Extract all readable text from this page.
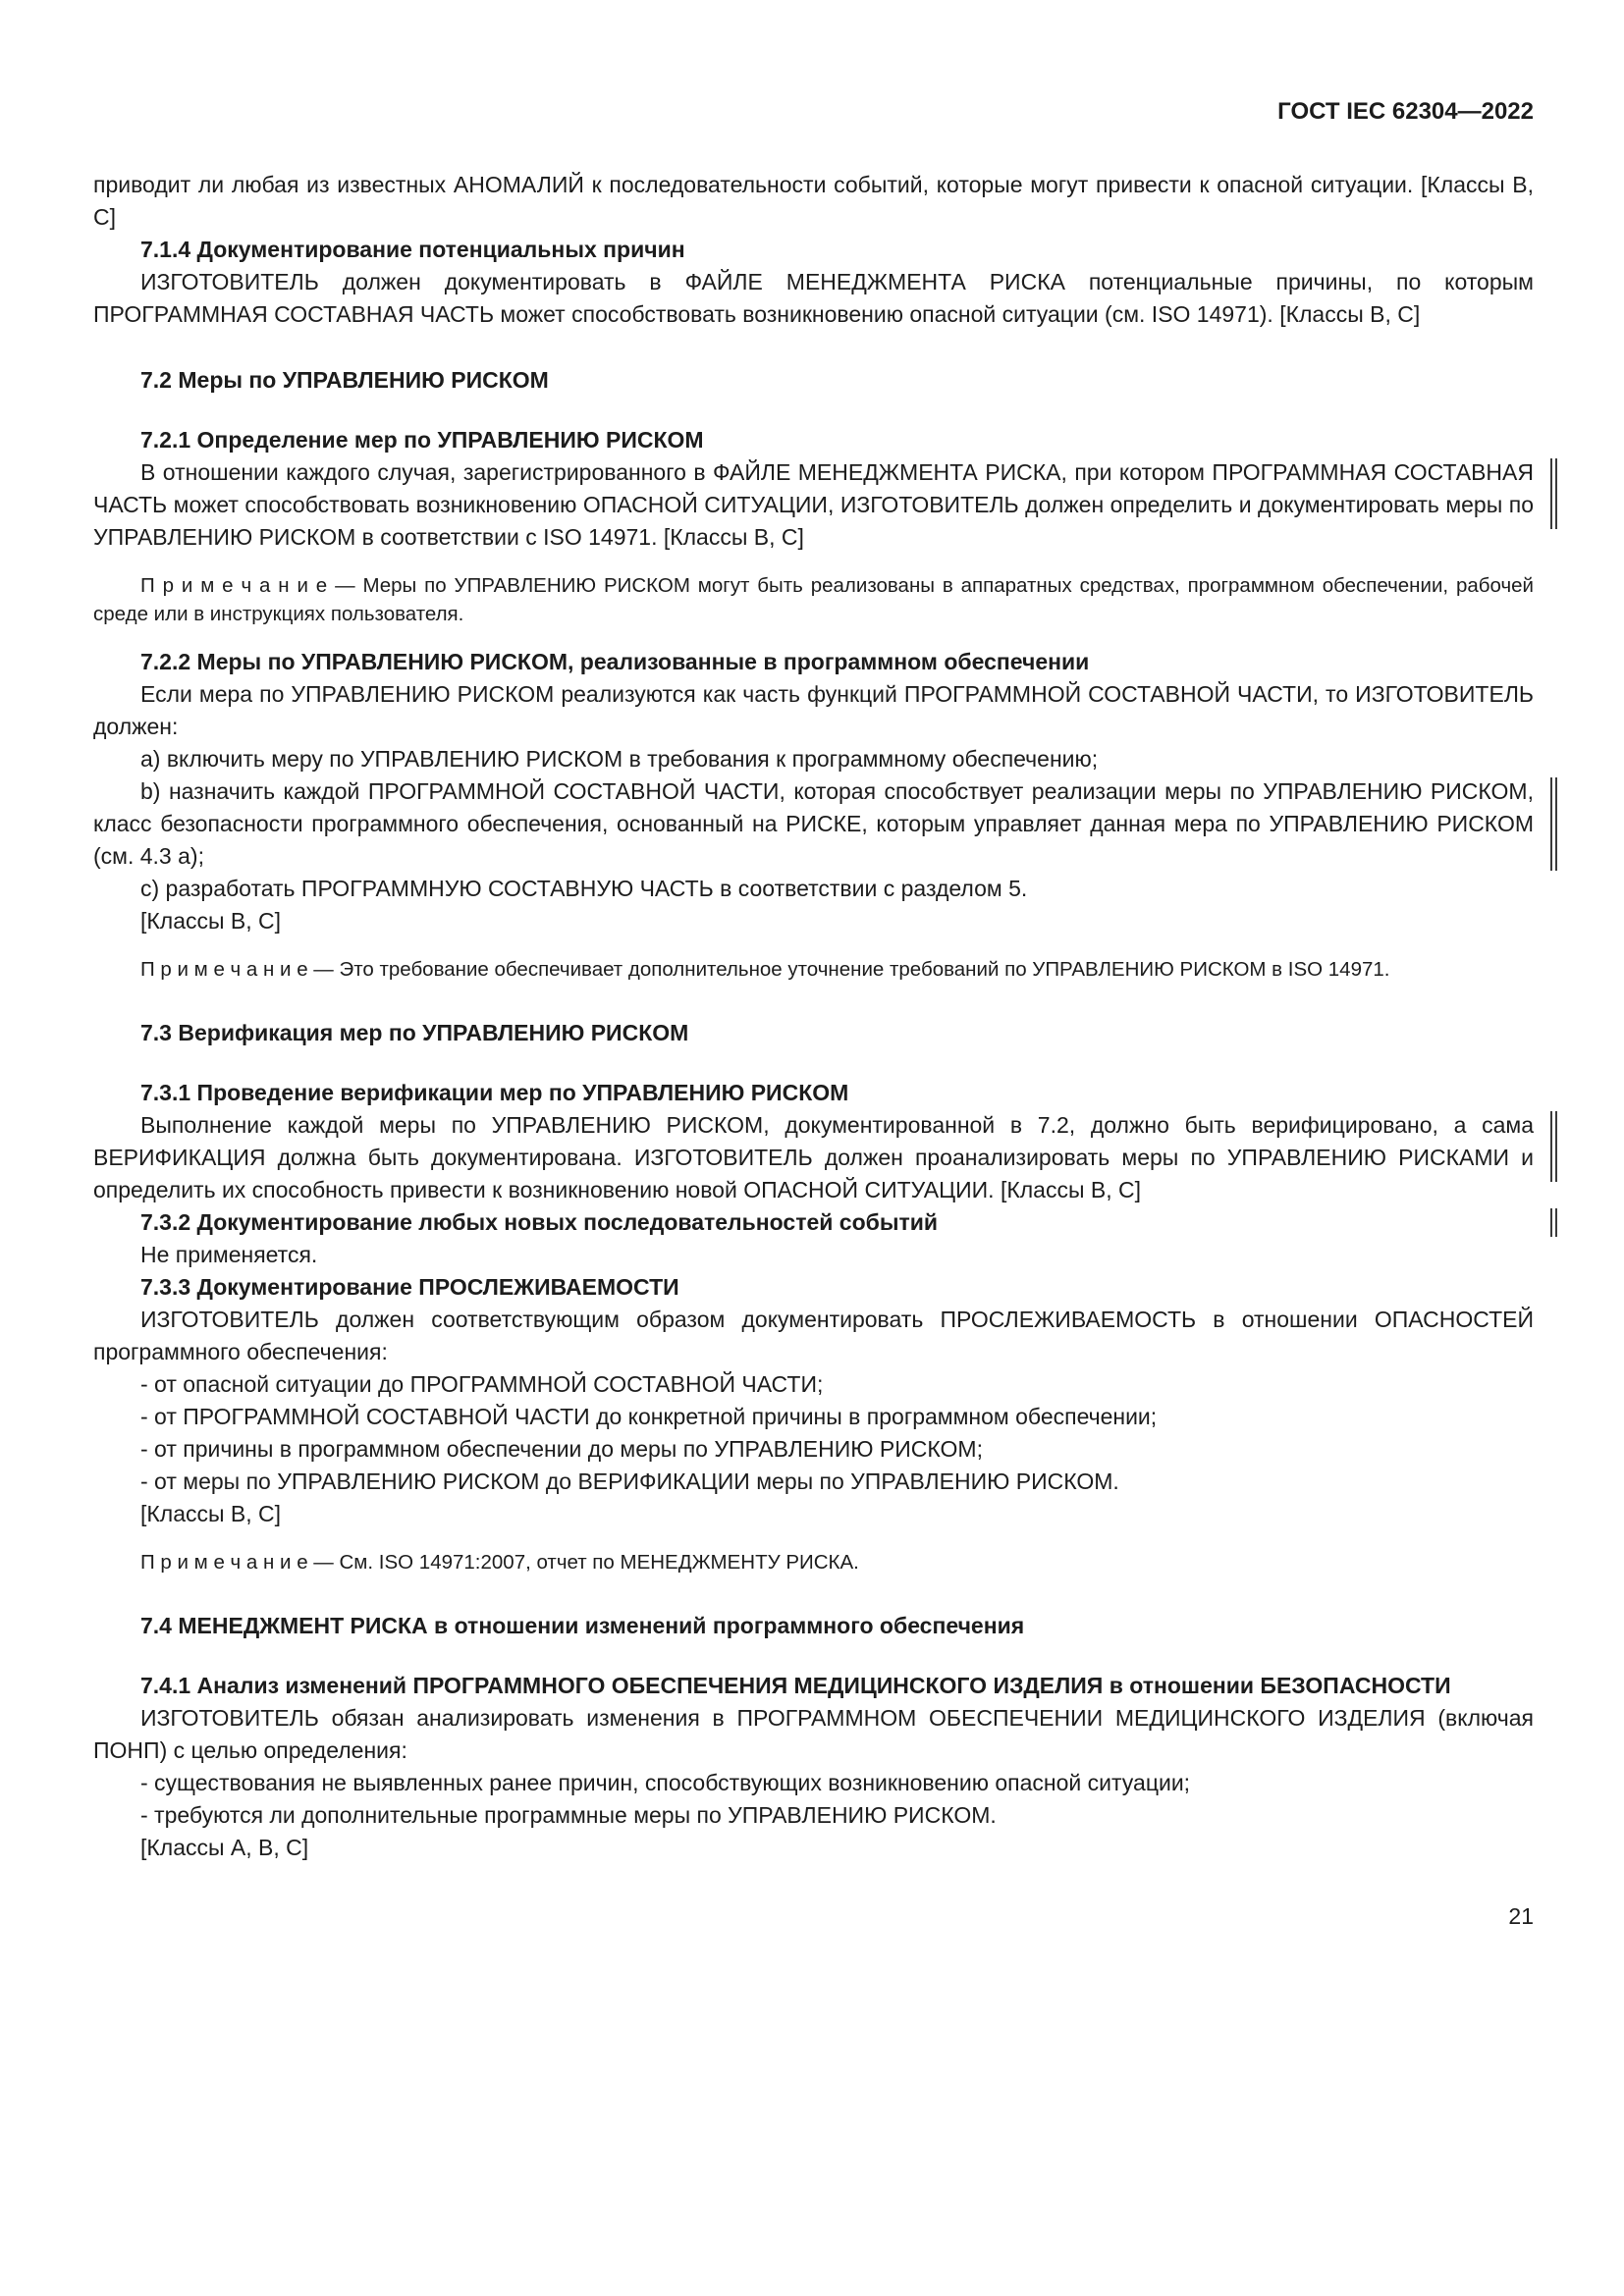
ГОСТ IEC 62304—2022

приводит ли любая из известных АНОМАЛИЙ к последовательности событий, которые могут привести к опасной ситуации. [Классы В, С]

7.1.4 Документирование потенциальных причин

ИЗГОТОВИТЕЛЬ должен документировать в ФАЙЛЕ МЕНЕДЖМЕНТА РИСКА потенциальные причины, по которым ПРОГРАММНАЯ СОСТАВНАЯ ЧАСТЬ может способствовать возникновению опасной ситуации (см. ISO 14971). [Классы В, С]

7.2 Меры по УПРАВЛЕНИЮ РИСКОМ
7.2.1 Определение мер по УПРАВЛЕНИЮ РИСКОМ

В отношении каждого случая, зарегистрированного в ФАЙЛЕ МЕНЕДЖМЕНТА РИСКА, при котором ПРОГРАММНАЯ СОСТАВНАЯ ЧАСТЬ может способствовать возникновению ОПАСНОЙ СИТУАЦИИ, ИЗГОТОВИТЕЛЬ должен определить и документировать меры по УПРАВЛЕНИЮ РИСКОМ в соответствии с ISO 14971. [Классы В, С]

П р и м е ч а н и е — Меры по УПРАВЛЕНИЮ РИСКОМ могут быть реализованы в аппаратных средствах, программном обеспечении, рабочей среде или в инструкциях пользователя.

7.2.2 Меры по УПРАВЛЕНИЮ РИСКОМ, реализованные в программном обеспечении

Если мера по УПРАВЛЕНИЮ РИСКОМ реализуются как часть функций ПРОГРАММНОЙ СОСТАВНОЙ ЧАСТИ, то ИЗГОТОВИТЕЛЬ должен:

a) включить меру по УПРАВЛЕНИЮ РИСКОМ в требования к программному обеспечению;

b) назначить каждой ПРОГРАММНОЙ СОСТАВНОЙ ЧАСТИ, которая способствует реализации меры по УПРАВЛЕНИЮ РИСКОМ, класс безопасности программного обеспечения, основанный на РИСКЕ, которым управляет данная мера по УПРАВЛЕНИЮ РИСКОМ (см. 4.3 а);

c) разработать ПРОГРАММНУЮ СОСТАВНУЮ ЧАСТЬ в соответствии с разделом 5.

[Классы В, С]

П р и м е ч а н и е — Это требование обеспечивает дополнительное уточнение требований по УПРАВЛЕНИЮ РИСКОМ в ISO 14971.

7.3 Верификация мер по УПРАВЛЕНИЮ РИСКОМ
7.3.1 Проведение верификации мер по УПРАВЛЕНИЮ РИСКОМ

Выполнение каждой меры по УПРАВЛЕНИЮ РИСКОМ, документированной в 7.2, должно быть верифицировано, а сама ВЕРИФИКАЦИЯ должна быть документирована. ИЗГОТОВИТЕЛЬ должен проанализировать меры по УПРАВЛЕНИЮ РИСКАМИ и определить их способность привести к возникновению новой ОПАСНОЙ СИТУАЦИИ. [Классы В, С]

7.3.2 Документирование любых новых последовательностей событий

Не применяется.

7.3.3 Документирование ПРОСЛЕЖИВАЕМОСТИ

ИЗГОТОВИТЕЛЬ должен соответствующим образом документировать ПРОСЛЕЖИВАЕМОСТЬ в отношении ОПАСНОСТЕЙ программного обеспечения:

- от опасной ситуации до ПРОГРАММНОЙ СОСТАВНОЙ ЧАСТИ;

- от ПРОГРАММНОЙ СОСТАВНОЙ ЧАСТИ до конкретной причины в программном обеспечении;

- от причины в программном обеспечении до меры по УПРАВЛЕНИЮ РИСКОМ;

- от меры по УПРАВЛЕНИЮ РИСКОМ до ВЕРИФИКАЦИИ меры по УПРАВЛЕНИЮ РИСКОМ.

[Классы В, С]

П р и м е ч а н и е — См. ISO 14971:2007, отчет по МЕНЕДЖМЕНТУ РИСКА.

7.4 МЕНЕДЖМЕНТ РИСКА в отношении изменений программного обеспечения
7.4.1 Анализ изменений ПРОГРАММНОГО ОБЕСПЕЧЕНИЯ МЕДИЦИНСКОГО ИЗДЕЛИЯ в отношении БЕЗОПАСНОСТИ

ИЗГОТОВИТЕЛЬ обязан анализировать изменения в ПРОГРАММНОМ ОБЕСПЕЧЕНИИ МЕДИЦИНСКОГО ИЗДЕЛИЯ (включая ПОНП) с целью определения:

- существования не выявленных ранее причин, способствующих возникновению опасной ситуации;

- требуются ли дополнительные программные меры по УПРАВЛЕНИЮ РИСКОМ.

[Классы А, В, С]

21
